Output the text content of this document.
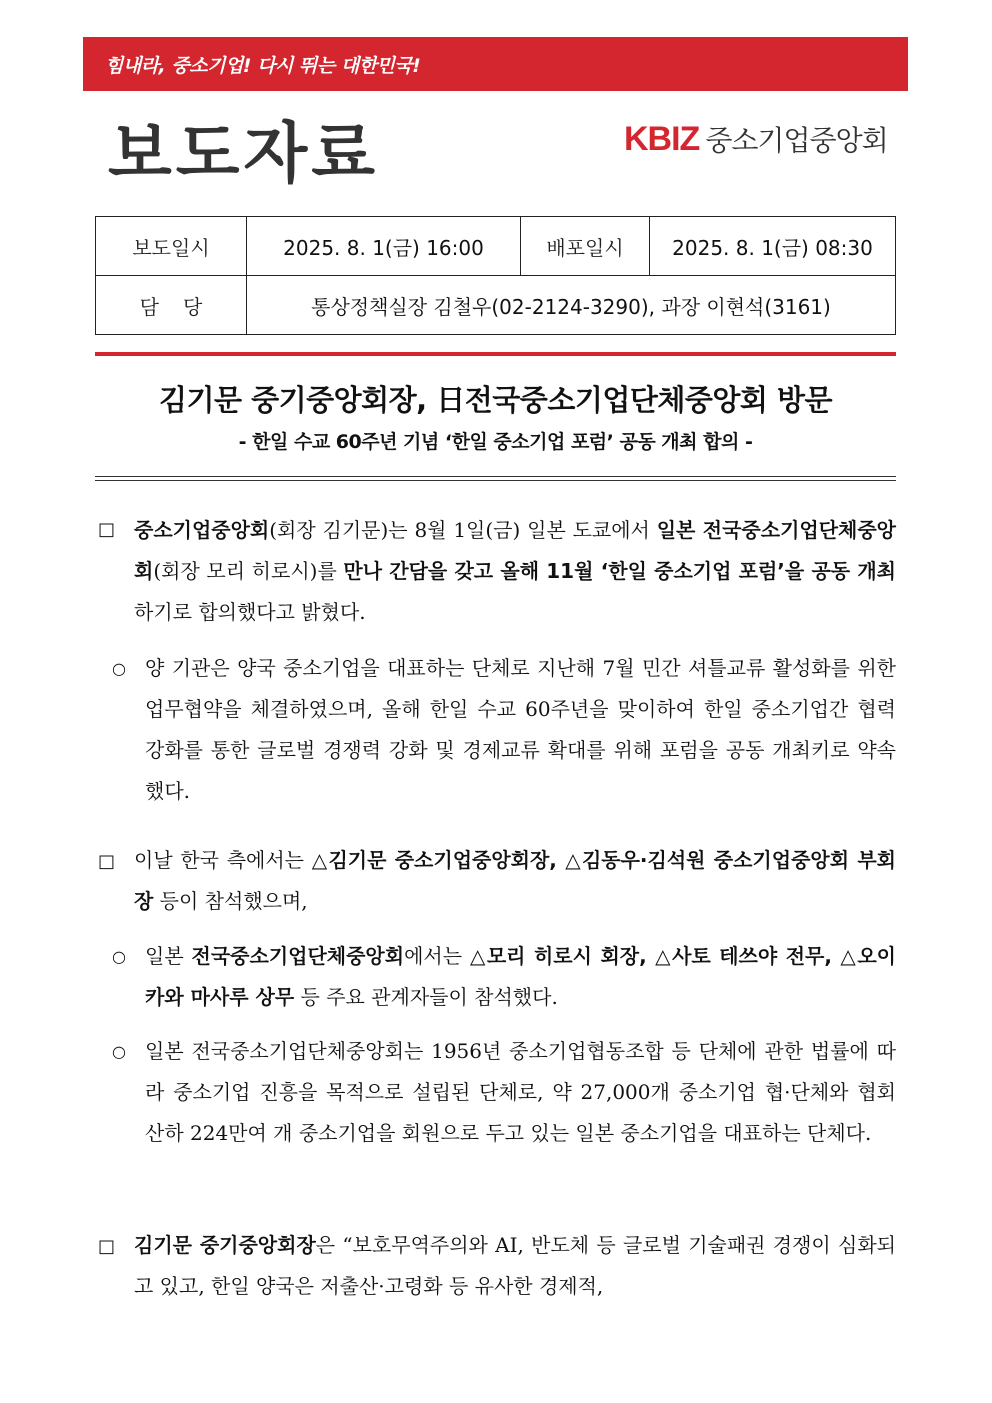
힘내라, 중소기업! 다시 뛰는 대한민국!
보도자료	KBIZ 중소기업중앙회
보도일시	2025. 8. 1(금) 16:00	배포일시	2025. 8. 1(금) 08:30
담당	통상정책실장 김철우(02-2124-3290), 과장 이현석(3161)		
김기문 중기중앙회장, 日전국중소기업단체중앙회 방문
- 한일 수교 60주년 기념 ‘한일 중소기업 포럼’ 공동 개최 합의 -
□ 중소기업중앙회(회장 김기문)는 8월 1일(금) 일본 도쿄에서 일본 전국중소기업단체중앙회(회장 모리 히로시)를 만나 간담을 갖고 올해 11월 ‘한일 중소기업 포럼’을 공동 개최하기로 합의했다고 밝혔다.
○ 양 기관은 양국 중소기업을 대표하는 단체로 지난해 7월 민간 셔틀교류 활성화를 위한 업무협약을 체결하였으며, 올해 한일 수교 60주년을 맞이하여 한일 중소기업간 협력 강화를 통한 글로벌 경쟁력 강화 및 경제교류 확대를 위해 포럼을 공동 개최키로 약속했다.
□ 이날 한국 측에서는 △김기문 중소기업중앙회장, △김동우·김석원 중소기업중앙회 부회장 등이 참석했으며,
○ 일본 전국중소기업단체중앙회에서는 △모리 히로시 회장, △사토 테쓰야 전무, △오이카와 마사루 상무 등 주요 관계자들이 참석했다.
○ 일본 전국중소기업단체중앙회는 1956년 중소기업협동조합 등 단체에 관한 법률에 따라 중소기업 진흥을 목적으로 설립된 단체로, 약 27,000개 중소기업 협·단체와 협회 산하 224만여 개 중소기업을 회원으로 두고 있는 일본 중소기업을 대표하는 단체다.
□ 김기문 중기중앙회장은 “보호무역주의와 AI, 반도체 등 글로벌 기술패권 경쟁이 심화되고 있고, 한일 양국은 저출산·고령화 등 유사한 경제적,
